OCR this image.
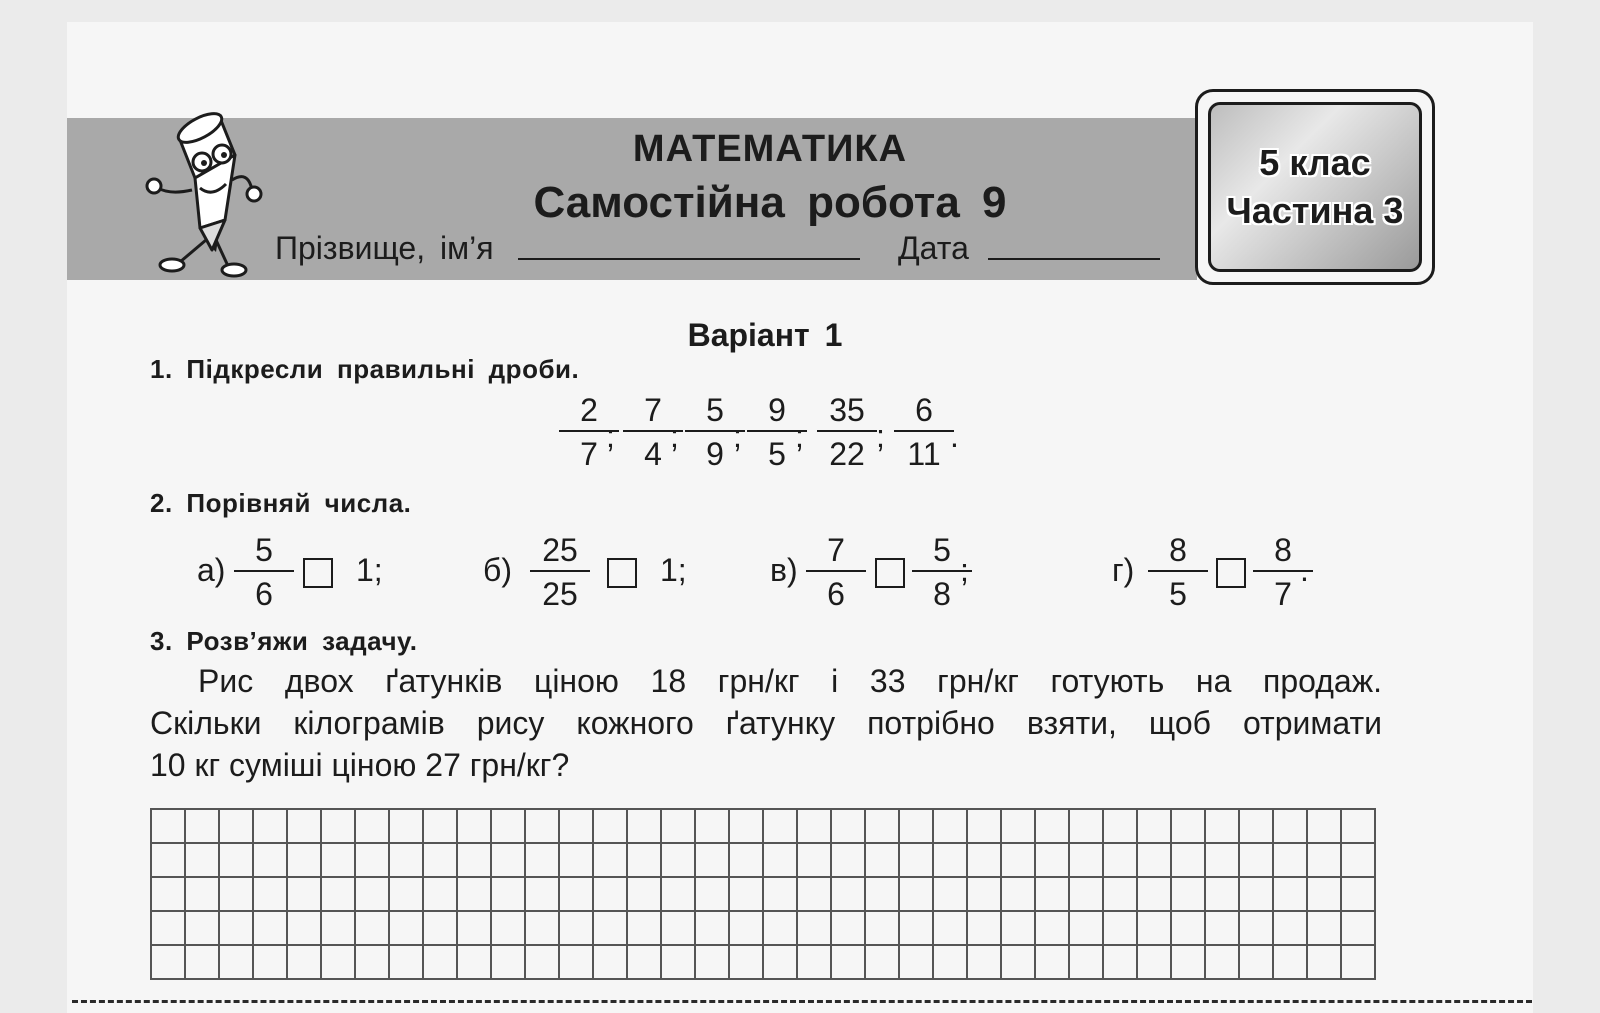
МАТЕМАТИКА
Самостійна робота 9
Прізвище, ім’я	Дата
5 клас
Частина 3
Варіант 1
1. Підкресли правильні дроби.
$\frac{2}{7}$
; $\frac{7}{4}$
; $\frac{5}{9}$
; $\frac{9}{5}$
; $\frac{35}{22}$ ; $\frac{6}{11}$
.
2. Порівняй числа.
$а) \frac{5}{6} 1$;	$б) \frac{25}{25} 1$;	$в) \frac{7}{6} \frac{5}{8}$
;	$г) \frac{8}{5} \frac{8}{7}$
.
3. Розв’яжи задачу.
Рис двох ґатунків ціною 18 грн/кг і 33 грн/кг готують на продаж.
Скільки кілограмів рису кожного ґатунку потрібно взяти, щоб отримати
10 кг суміші ціною 27 грн/кг?
